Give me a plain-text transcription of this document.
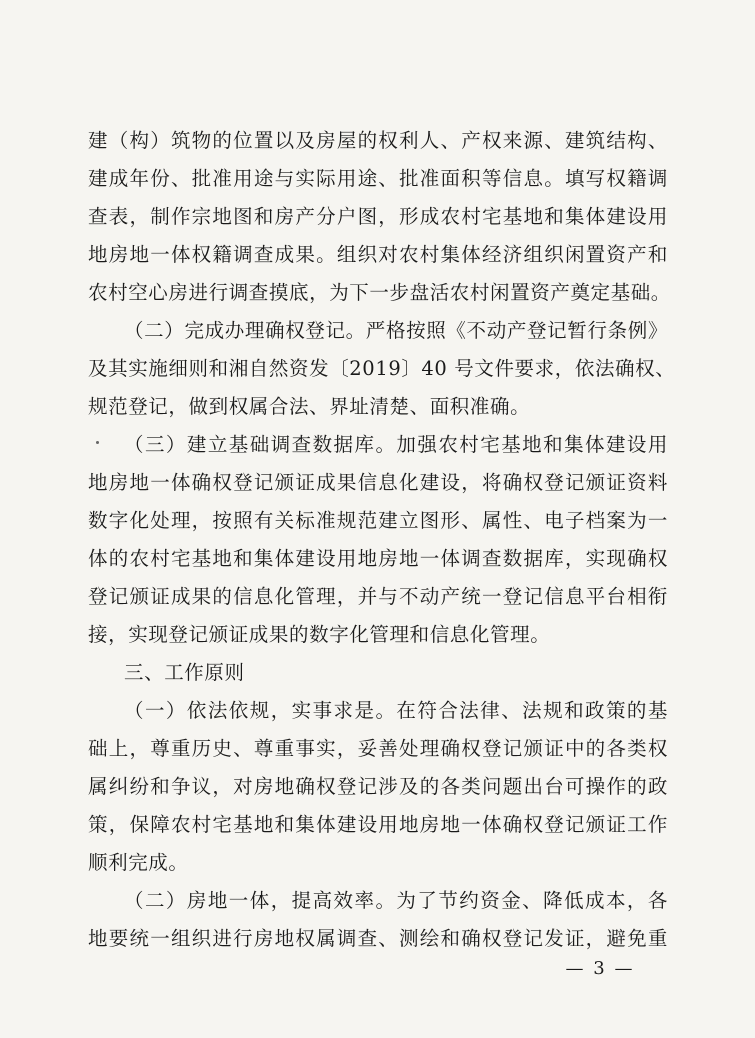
建（构）筑物的位置以及房屋的权利人、产权来源、建筑结构、
建成年份、批准用途与实际用途、批准面积等信息。填写权籍调
查表，制作宗地图和房产分户图，形成农村宅基地和集体建设用
地房地一体权籍调查成果。组织对农村集体经济组织闲置资产和
农村空心房进行调查摸底，为下一步盘活农村闲置资产奠定基础。
（二）完成办理确权登记。严格按照《不动产登记暂行条例》
及其实施细则和湘自然资发〔2019〕40 号文件要求，依法确权、
规范登记，做到权属合法、界址清楚、面积准确。
（三）建立基础调查数据库。加强农村宅基地和集体建设用
地房地一体确权登记颁证成果信息化建设，将确权登记颁证资料
数字化处理，按照有关标准规范建立图形、属性、电子档案为一
体的农村宅基地和集体建设用地房地一体调查数据库，实现确权
登记颁证成果的信息化管理，并与不动产统一登记信息平台相衔
接，实现登记颁证成果的数字化管理和信息化管理。
三、工作原则
（一）依法依规，实事求是。在符合法律、法规和政策的基
础上，尊重历史、尊重事实，妥善处理确权登记颁证中的各类权
属纠纷和争议，对房地确权登记涉及的各类问题出台可操作的政
策，保障农村宅基地和集体建设用地房地一体确权登记颁证工作
顺利完成。
（二）房地一体，提高效率。为了节约资金、降低成本，各
地要统一组织进行房地权属调查、测绘和确权登记发证，避免重
— 3 —
